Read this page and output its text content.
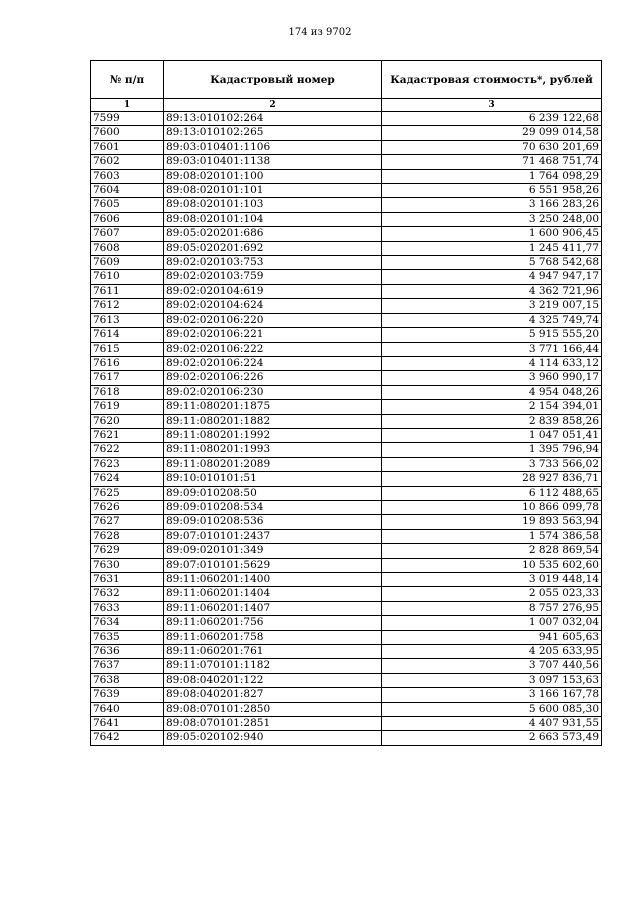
174 из 9702
№ п/п	Кадастровый номер	Кадастровая стоимость*, рублей
1	2	3
7599	89:13:010102:264	6 239 122,68
7600	89:13:010102:265	29 099 014,58
7601	89:03:010401:1106	70 630 201,69
7602	89:03:010401:1138	71 468 751,74
7603	89:08:020101:100	1 764 098,29
7604	89:08:020101:101	6 551 958,26
7605	89:08:020101:103	3 166 283,26
7606	89:08:020101:104	3 250 248,00
7607	89:05:020201:686	1 600 906,45
7608	89:05:020201:692	1 245 411,77
7609	89:02:020103:753	5 768 542,68
7610	89:02:020103:759	4 947 947,17
7611	89:02:020104:619	4 362 721,96
7612	89:02:020104:624	3 219 007,15
7613	89:02:020106:220	4 325 749,74
7614	89:02:020106:221	5 915 555,20
7615	89:02:020106:222	3 771 166,44
7616	89:02:020106:224	4 114 633,12
7617	89:02:020106:226	3 960 990,17
7618	89:02:020106:230	4 954 048,26
7619	89:11:080201:1875	2 154 394,01
7620	89:11:080201:1882	2 839 858,26
7621	89:11:080201:1992	1 047 051,41
7622	89:11:080201:1993	1 395 796,94
7623	89:11:080201:2089	3 733 566,02
7624	89:10:010101:51	28 927 836,71
7625	89:09:010208:50	6 112 488,65
7626	89:09:010208:534	10 866 099,78
7627	89:09:010208:536	19 893 563,94
7628	89:07:010101:2437	1 574 386,58
7629	89:09:020101:349	2 828 869,54
7630	89:07:010101:5629	10 535 602,60
7631	89:11:060201:1400	3 019 448,14
7632	89:11:060201:1404	2 055 023,33
7633	89:11:060201:1407	8 757 276,95
7634	89:11:060201:756	1 007 032,04
7635	89:11:060201:758	941 605,63
7636	89:11:060201:761	4 205 633,95
7637	89:11:070101:1182	3 707 440,56
7638	89:08:040201:122	3 097 153,63
7639	89:08:040201:827	3 166 167,78
7640	89:08:070101:2850	5 600 085,30
7641	89:08:070101:2851	4 407 931,55
7642	89:05:020102:940	2 663 573,49
